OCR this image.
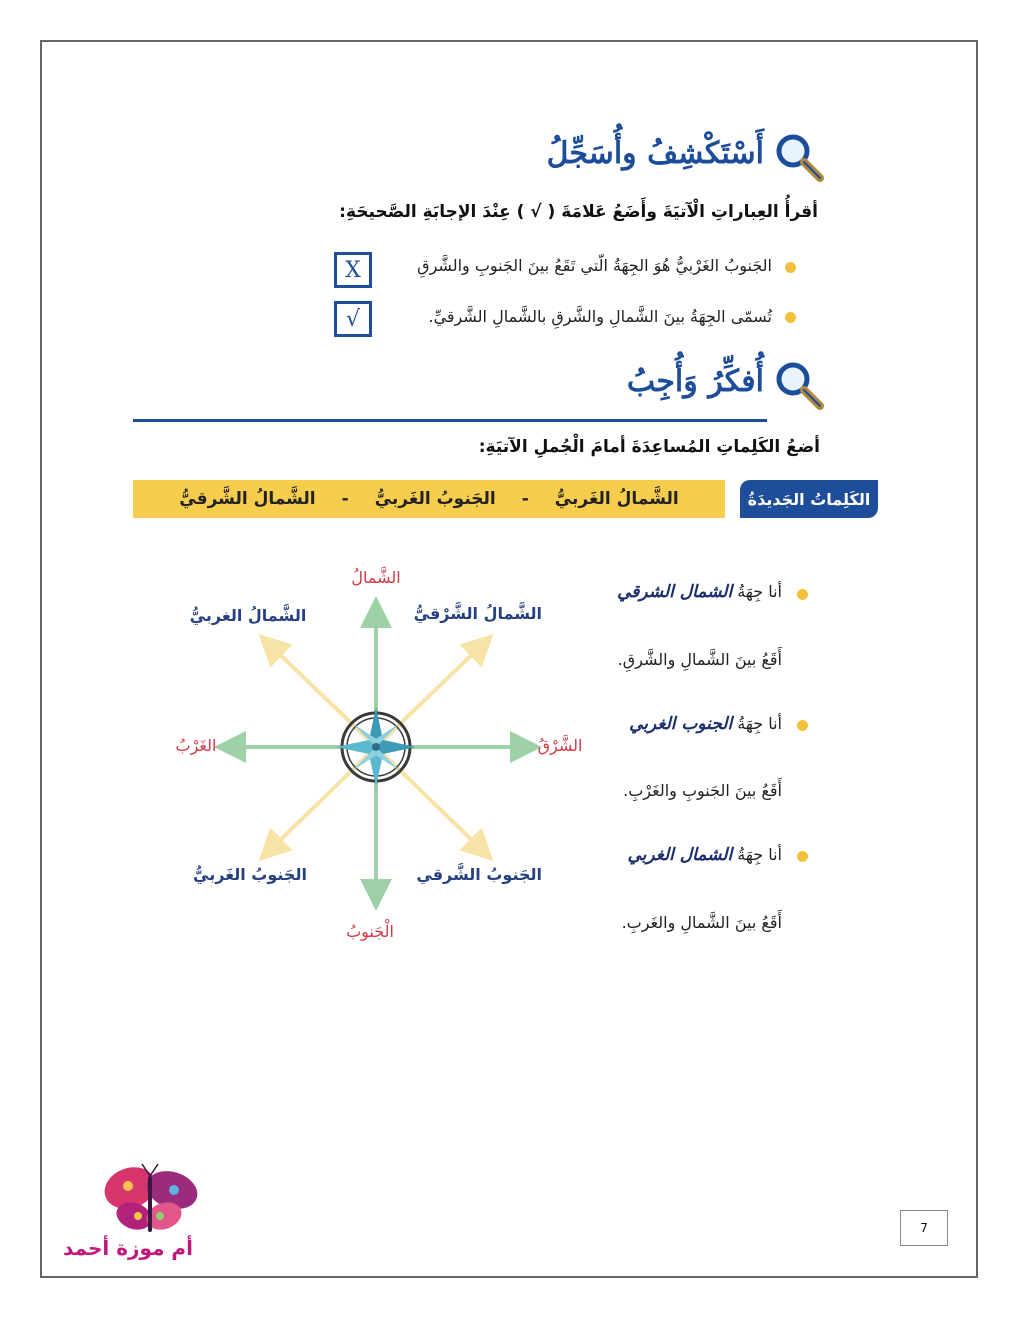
أَسْتَكْشِفُ وأُسَجِّلُ
أقرأُ العِباراتِ الْآتيَةَ وأَضَعُ عَلامَةَ ( √ ) عِنْدَ الإجابَةِ الصَّحيحَةِ:
الجَنوبُ الغَرْبيُّ هُوَ الجِهَةُ الّتي تَقَعُ بينَ الجَنوبِ والشَّرقِ
X
تُسمّى الجِهَةُ بينَ الشَّمالِ والشَّرقِ بالشَّمالِ الشَّرقيِّ.
√
أُفكِّرُ وَأُجِبُ
أضعُ الكَلِماتِ المُساعِدَةَ أمامَ الْجُملِ الآتيَةِ:
الكَلِماتُ الجَديدَةُ
الشَّمالُ الغَربيُّ
-
الجَنوبُ الغَربيُّ
-
الشَّمالُ الشَّرقيُّ
الشَّمالُ
الْجَنوبُ
الشَّرْقُ
الغَرْبُ
الشَّمالُ الشَّرْقيُّ
الشَّمالُ الغربيُّ
الجَنوبُ الشَّرقي
الجَنوبُ الغَربيُّ
أنا جِهَةُ الشمال الشرقي
أَقَعُ بينَ الشَّمالِ والشَّرقِ.
أنا جِهَةُ الجنوب الغربي
أَقَعُ بينَ الجَنوبِ والغَرْبِ.
أنا جِهَةُ الشمال الغربي
أَقَعُ بينَ الشَّمالِ والغَربِ.
أم موزة أحمد
7
